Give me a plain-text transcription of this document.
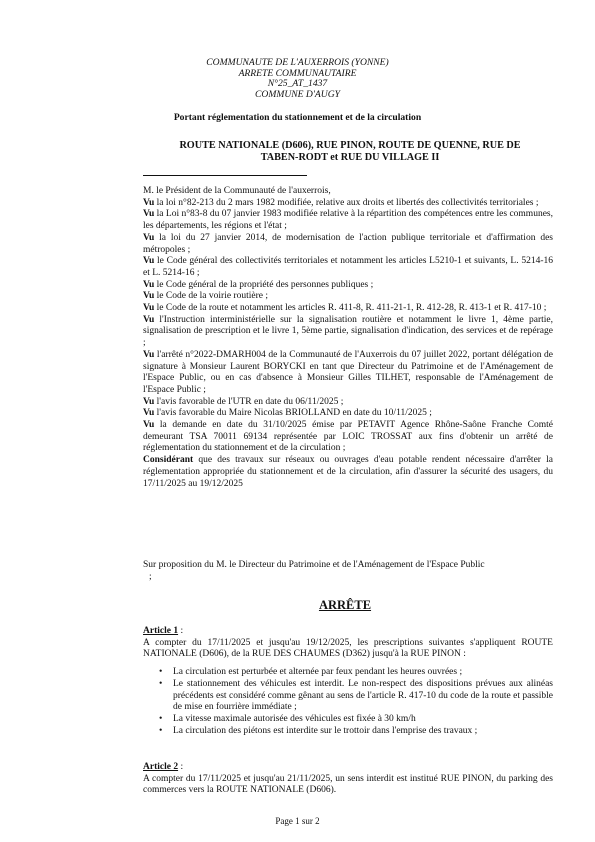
COMMUNAUTE DE L'AUXERROIS (YONNE)
ARRETE COMMUNAUTAIRE
N°25_AT_1437
COMMUNE D'AUGY
Portant réglementation du stationnement et de la circulation
ROUTE NATIONALE (D606), RUE PINON, ROUTE DE QUENNE, RUE DE
TABEN-RODT et RUE DU VILLAGE II

M. le Président de la Communauté de l'auxerrois,

Vu la loi n°82-213 du 2 mars 1982 modifiée, relative aux droits et libertés des collectivités territoriales ;

Vu la Loi n°83-8 du 07 janvier 1983 modifiée relative à la répartition des compétences entre les communes, les départements, les régions et l'état ;

Vu la loi du 27 janvier 2014, de modernisation de l'action publique territoriale et d'affirmation des métropoles ;

Vu le Code général des collectivités territoriales et notamment les articles L5210-1 et suivants, L. 5214-16 et L. 5214-16 ;

Vu le Code général de la propriété des personnes publiques ;

Vu le Code de la voirie routière ;

Vu le Code de la route et notamment les articles R. 411-8, R. 411-21-1, R. 412-28, R. 413-1 et R. 417-10 ;

Vu l'Instruction interministérielle sur la signalisation routière et notamment le livre 1, 4ème partie, signalisation de prescription et le livre 1, 5ème partie, signalisation d'indication, des services et de repérage ;

Vu l'arrêté n°2022-DMARH004 de la Communauté de l'Auxerrois du 07 juillet 2022, portant délégation de signature à Monsieur Laurent BORYCKI en tant que Directeur du Patrimoine et de l'Aménagement de l'Espace Public, ou en cas d'absence à Monsieur Gilles TILHET, responsable de l'Aménagement de l'Espace Public ;

Vu l'avis favorable de l'UTR en date du 06/11/2025 ;

Vu l'avis favorable du Maire Nicolas BRIOLLAND en date du 10/11/2025 ;

Vu la demande en date du 31/10/2025 émise par PETAVIT Agence Rhône-Saône Franche Comté demeurant TSA 70011 69134 représentée par LOIC TROSSAT aux fins d'obtenir un arrêté de réglementation du stationnement et de la circulation ;

Considérant que des travaux sur réseaux ou ouvrages d'eau potable rendent nécessaire d'arrêter la réglementation appropriée du stationnement et de la circulation, afin d'assurer la sécurité des usagers, du 17/11/2025 au 19/12/2025

Sur proposition du M. le Directeur du Patrimoine et de l'Aménagement de l'Espace Public
;
ARRÊTE
Article 1 :
A compter du 17/11/2025 et jusqu'au 19/12/2025, les prescriptions suivantes s'appliquent ROUTE NATIONALE (D606), de la RUE DES CHAUMES (D362) jusqu'à la RUE PINON :
• La circulation est perturbée et alternée par feux pendant les heures ouvrées ;
• Le stationnement des véhicules est interdit. Le non-respect des dispositions prévues aux alinéas précédents est considéré comme gênant au sens de l'article R. 417-10 du code de la route et passible de mise en fourrière immédiate ;
• La vitesse maximale autorisée des véhicules est fixée à 30 km/h
• La circulation des piétons est interdite sur le trottoir dans l'emprise des travaux ;
Article 2 :
A compter du 17/11/2025 et jusqu'au 21/11/2025, un sens interdit est institué RUE PINON, du parking des commerces vers la ROUTE NATIONALE (D606).
Page 1 sur 2
